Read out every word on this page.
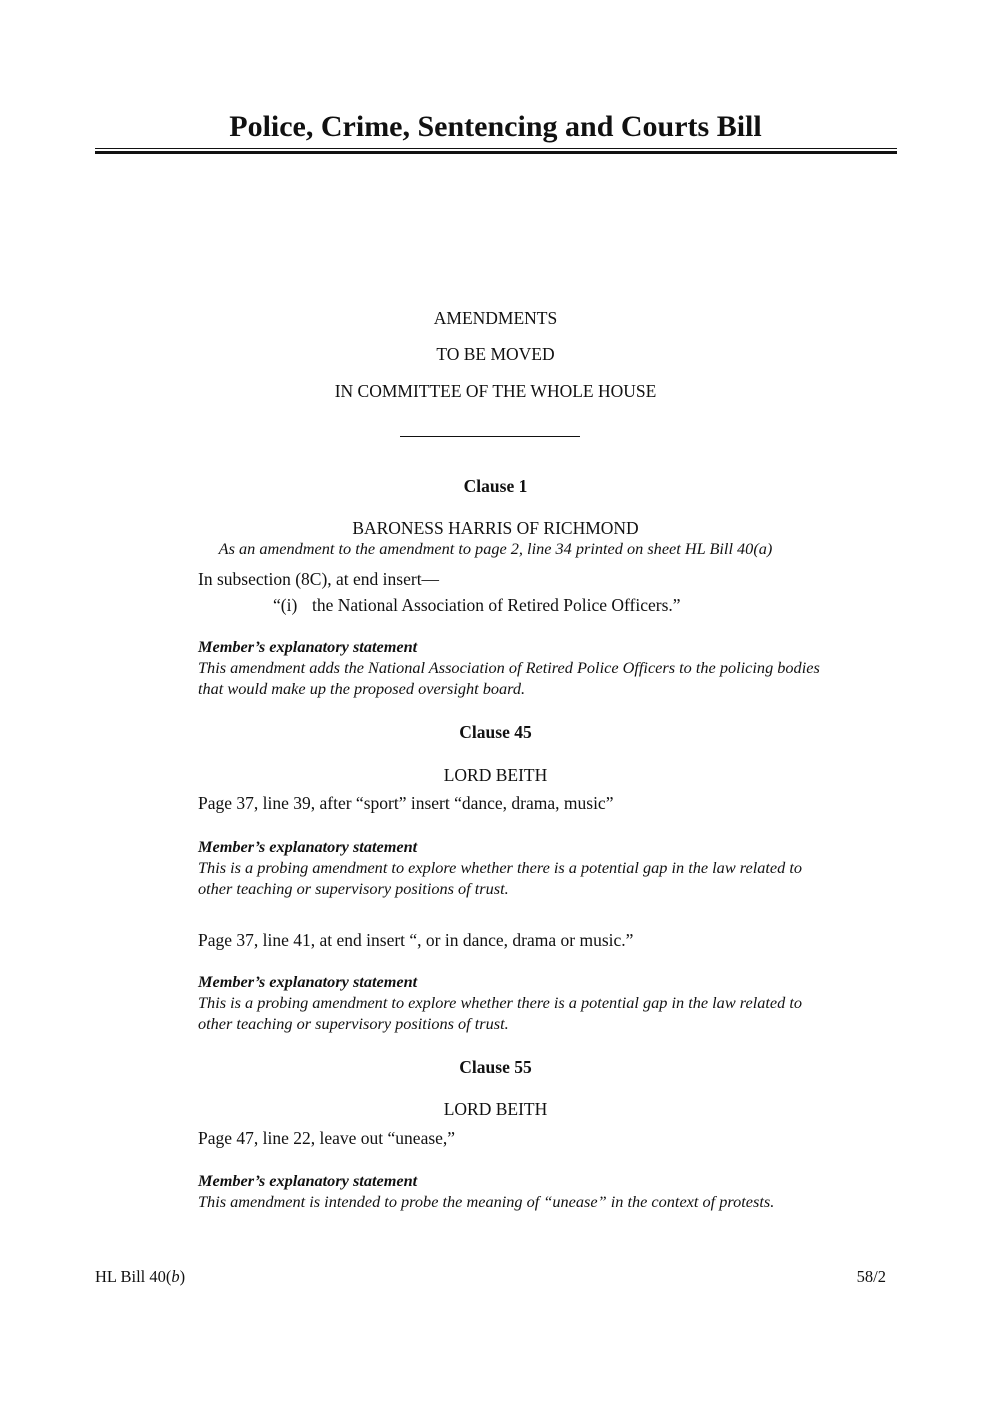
Police, Crime, Sentencing and Courts Bill
AMENDMENTS
TO BE MOVED
IN COMMITTEE OF THE WHOLE HOUSE
Clause 1
BARONESS HARRIS OF RICHMOND
As an amendment to the amendment to page 2, line 34 printed on sheet HL Bill 40(a)
In subsection (8C), at end insert—
“(i) the National Association of Retired Police Officers.”
Member’s explanatory statement
This amendment adds the National Association of Retired Police Officers to the policing bodies
that would make up the proposed oversight board.
Clause 45
LORD BEITH
Page 37, line 39, after “sport” insert “dance, drama, music”
Member’s explanatory statement
This is a probing amendment to explore whether there is a potential gap in the law related to
other teaching or supervisory positions of trust.
Page 37, line 41, at end insert “, or in dance, drama or music.”
Member’s explanatory statement
This is a probing amendment to explore whether there is a potential gap in the law related to
other teaching or supervisory positions of trust.
Clause 55
LORD BEITH
Page 47, line 22, leave out “unease,”
Member’s explanatory statement
This amendment is intended to probe the meaning of “unease” in the context of protests.
HL Bill 40(b)	58/2
